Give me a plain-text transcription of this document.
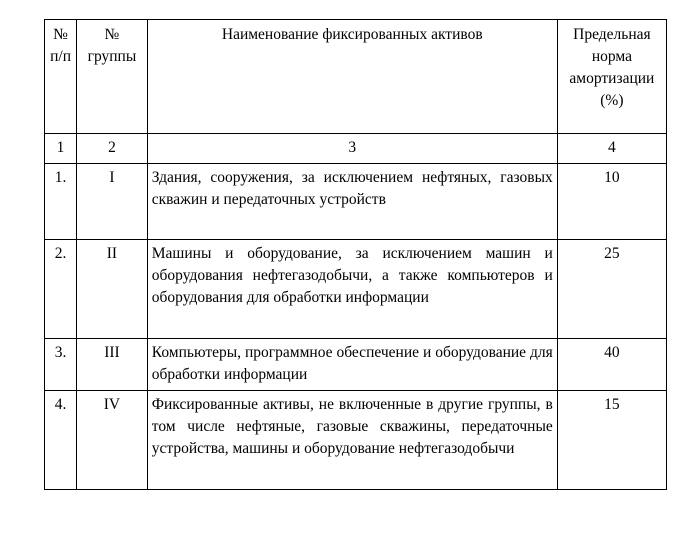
№ п/п	№ группы	Наименование фиксированных активов	Предельная норма амортизации (%)
1	2	3	4
1.	I	Здания, сооружения, за исключением нефтяных, газовых скважин и передаточных устройств	10
2.	II	Машины и оборудование, за исключением машин и оборудования нефтегазодобычи, а также компьютеров и оборудования для обработки информации	25
3.	III	Компьютеры, программное обеспечение и оборудование для обработки информации	40
4.	IV	Фиксированные активы, не включенные в другие группы, в том числе нефтяные, газовые скважины, передаточные устройства, машины и оборудование нефтегазодобычи	15
